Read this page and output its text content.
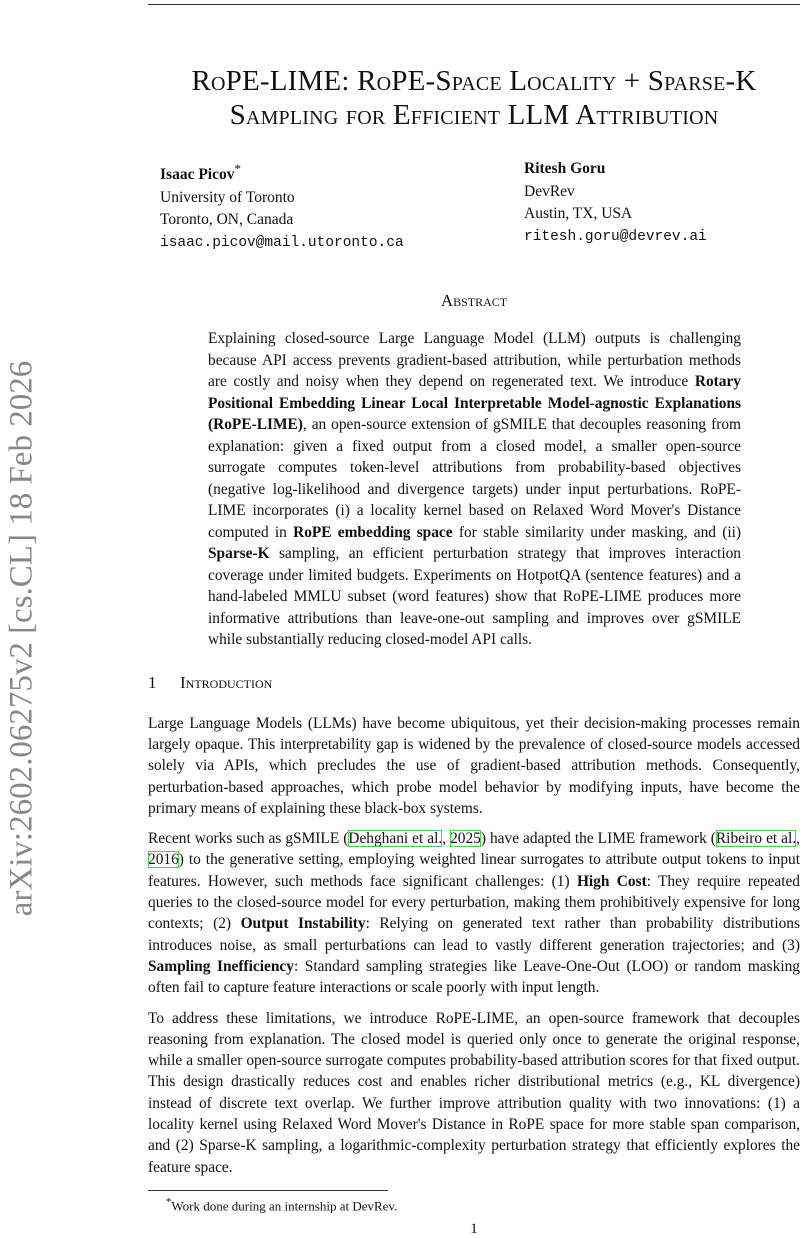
arXiv:2602.06275v2 [cs.CL] 18 Feb 2026
RoPE-LIME: RoPE-Space Locality + Sparse-K
Sampling for Efficient LLM Attribution
Isaac Picov*
University of Toronto
Toronto, ON, Canada
isaac.picov@mail.utoronto.ca
Ritesh Goru
DevRev
Austin, TX, USA
ritesh.goru@devrev.ai
Abstract
Explaining closed-source Large Language Model (LLM) outputs is challenging because API access prevents gradient-based attribution, while perturbation methods are costly and noisy when they depend on regenerated text. We introduce Rotary Positional Embedding Linear Local Interpretable Model-agnostic Explanations (RoPE-LIME), an open-source extension of gSMILE that decouples reasoning from explanation: given a fixed output from a closed model, a smaller open-source surrogate computes token-level attributions from probability-based objectives (negative log-likelihood and divergence targets) under input perturbations. RoPE-LIME incorporates (i) a locality kernel based on Relaxed Word Mover's Distance computed in RoPE embedding space for stable similarity under masking, and (ii) Sparse-K sampling, an efficient perturbation strategy that improves interaction coverage under limited budgets. Experiments on HotpotQA (sentence features) and a hand-labeled MMLU subset (word features) show that RoPE-LIME produces more informative attributions than leave-one-out sampling and improves over gSMILE while substantially reducing closed-model API calls.
1 Introduction

Large Language Models (LLMs) have become ubiquitous, yet their decision-making processes remain largely opaque. This interpretability gap is widened by the prevalence of closed-source models accessed solely via APIs, which precludes the use of gradient-based attribution methods. Consequently, perturbation-based approaches, which probe model behavior by modifying inputs, have become the primary means of explaining these black-box systems.

Recent works such as gSMILE (Dehghani et al., 2025) have adapted the LIME framework (Ribeiro et al., 2016) to the generative setting, employing weighted linear surrogates to attribute output tokens to input features. However, such methods face significant challenges: (1) High Cost: They require repeated queries to the closed-source model for every perturbation, making them prohibitively expensive for long contexts; (2) Output Instability: Relying on generated text rather than probability distributions introduces noise, as small perturbations can lead to vastly different generation trajectories; and (3) Sampling Inefficiency: Standard sampling strategies like Leave-One-Out (LOO) or random masking often fail to capture feature interactions or scale poorly with input length.

To address these limitations, we introduce RoPE-LIME, an open-source framework that decouples reasoning from explanation. The closed model is queried only once to generate the original response, while a smaller open-source surrogate computes probability-based attribution scores for that fixed output. This design drastically reduces cost and enables richer distributional metrics (e.g., KL divergence) instead of discrete text overlap. We further improve attribution quality with two innovations: (1) a locality kernel using Relaxed Word Mover's Distance in RoPE space for more stable span comparison, and (2) Sparse-K sampling, a logarithmic-complexity perturbation strategy that efficiently explores the feature space.

*Work done during an internship at DevRev.
1
